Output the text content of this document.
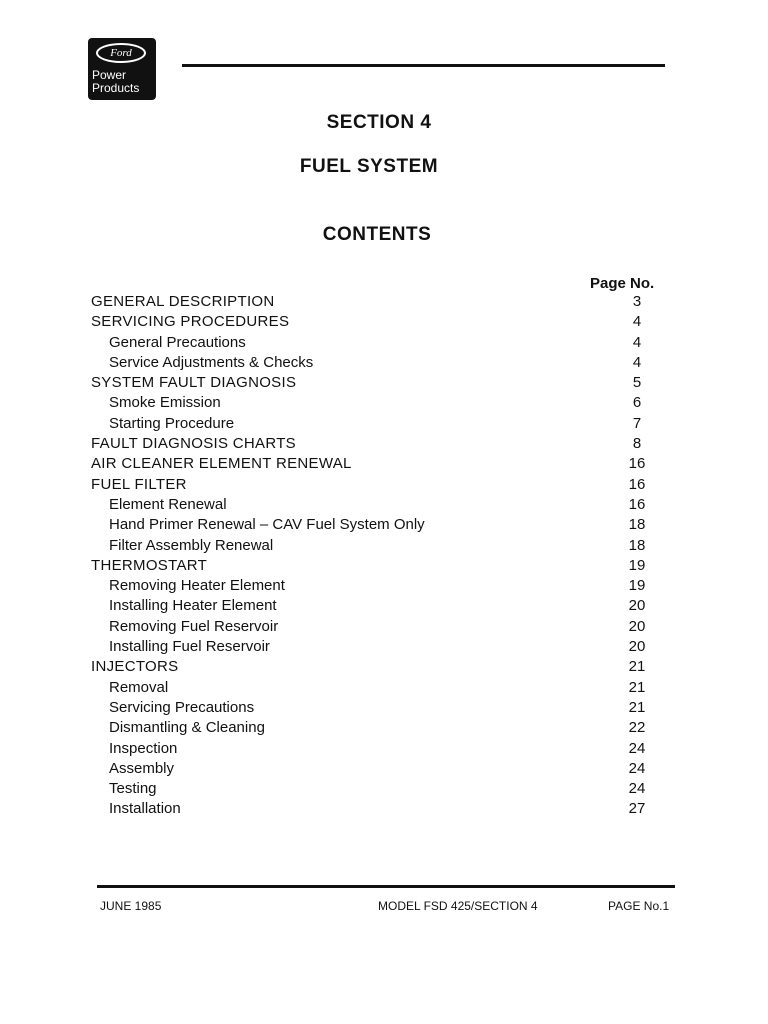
Ford
Power
Products
SECTION 4
FUEL SYSTEM
CONTENTS
Page No.
GENERAL DESCRIPTION	3
SERVICING PROCEDURES	4
General Precautions	4
Service Adjustments & Checks	4
SYSTEM FAULT DIAGNOSIS	5
Smoke Emission	6
Starting Procedure	7
FAULT DIAGNOSIS CHARTS	8
AIR CLEANER ELEMENT RENEWAL	16
FUEL FILTER	16
Element Renewal	16
Hand Primer Renewal – CAV Fuel System Only	18
Filter Assembly Renewal	18
THERMOSTART	19
Removing Heater Element	19
Installing Heater Element	20
Removing Fuel Reservoir	20
Installing Fuel Reservoir	20
INJECTORS	21
Removal	21
Servicing Precautions	21
Dismantling & Cleaning	22
Inspection	24
Assembly	24
Testing	24
Installation	27
JUNE 1985	MODEL FSD 425/SECTION 4	PAGE No.1
